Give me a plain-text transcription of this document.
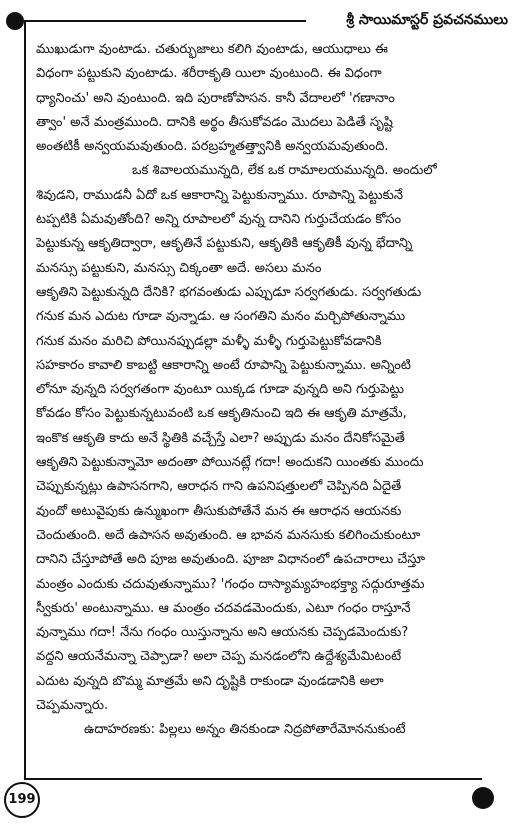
శ్రీ సాయిమాస్టర్ ప్రవచనములు
ముఖుడుగా వుంటాడు. చతుర్భుజాలు కలిగి వుంటాడు, ఆయుధాలు ఈ
విధంగా పట్టుకుని వుంటాడు. శరీరాకృతి యిలా వుంటుంది. ఈ విధంగా
ధ్యానించు' అని వుంటుంది. ఇది పురాణోపాసన. కానీ వేదాలలో 'గణానాం
త్వాం' అనే మంత్రముంది. దానికి అర్థం తీసుకోవడం మొదలు పెడితే సృష్టి
అంతటికీ అన్వయమవుతుంది. పరబ్రహ్మతత్త్వానికి అన్వయమవుతుంది.
ఒక శివాలయమున్నది, లేక ఒక రామాలయమున్నది. అందులో
శివుడని, రాముడనీ ఏదో ఒక ఆకారాన్ని పెట్టుకున్నాము. రూపాన్ని పెట్టుకునే
టప్పటికి ఏమవుతోంది? అన్ని రూపాలలో వున్న దానిని గుర్తుచేయడం కోసం
పెట్టుకున్న ఆకృతిద్వారా, ఆకృతినే పట్టుకుని, ఆకృతికి ఆకృతికీ వున్న భేదాన్ని
మనస్సు పట్టుకుని, మనస్సు చిక్కంతా అదే. అసలు మనం
ఆకృతిని పెట్టుకున్నది దేనికి? భగవంతుడు ఎప్పుడూ సర్వగతుడు. సర్వగతుడు
గనుక మన ఎదుట గూడా వున్నాడు. ఆ సంగతిని మనం మర్చిపోతున్నాము
గనుక మనం మరిచి పోయినప్పుడల్లా మళ్ళీ మళ్ళీ గుర్తుపెట్టుకోవడానికి
సహకారం కావాలి కాబట్టి ఆకారాన్ని అంటే రూపాన్ని పెట్టుకున్నాము. అన్నింటి
లోనూ వున్నది సర్వగతంగా వుంటూ యిక్కడ గూడా వున్నది అని గుర్తుపెట్టు
కోవడం కోసం పెట్టుకున్నటువంటి ఒక ఆకృతినుంచి ఇది ఈ ఆకృతి మాత్రమే,
ఇంకొక ఆకృతి కాదు అనే స్థితికి వచ్చేస్తే ఎలా? అప్పుడు మనం దేనికోసమైతే
ఆకృతిని పెట్టుకున్నామో అదంతా పోయినట్లే గదా! అందుకని యింతకు ముందు
చెప్పుకున్నట్లు ఉపాసనగాని, ఆరాధన గాని ఉపనిషత్తులలో చెప్పినది ఏదైతే
వుందో అటువైపుకు ఉన్ముఖంగా తీసుకుపోతేనే మన ఈ ఆరాధన ఆయనకు
చెందుతుంది. అదే ఉపాసన అవుతుంది. ఆ భావన మనసుకు కలిగించుకుంటూ
దానిని చేస్తూపోతే అది పూజ అవుతుంది. పూజా విధానంలో ఉపచారాలు చేస్తూ
మంత్రం ఎందుకు చదువుతున్నాము? 'గంధం దాస్యామ్యహంభక్త్యా సద్గురూత్తమ
స్వీకురు' అంటున్నాము. ఆ మంత్రం చదవడమెందుకు, ఎటూ గంధం రాస్తూనే
వున్నాము గదా! నేను గంధం యిస్తున్నాను అని ఆయనకు చెప్పడమెందుకు?
వద్దని ఆయనేమన్నా చెప్పాడా? అలా చెప్ప మనడంలోని ఉద్దేశ్యమేమిటంటే
ఎదుట వున్నది బొమ్మ మాత్రమే అని దృష్టికి రాకుండా వుండడానికి అలా
చెప్పమన్నారు.
ఉదాహరణకు: పిల్లలు అన్నం తినకుండా నిద్రపోతారేమోననుకుంటే
199
